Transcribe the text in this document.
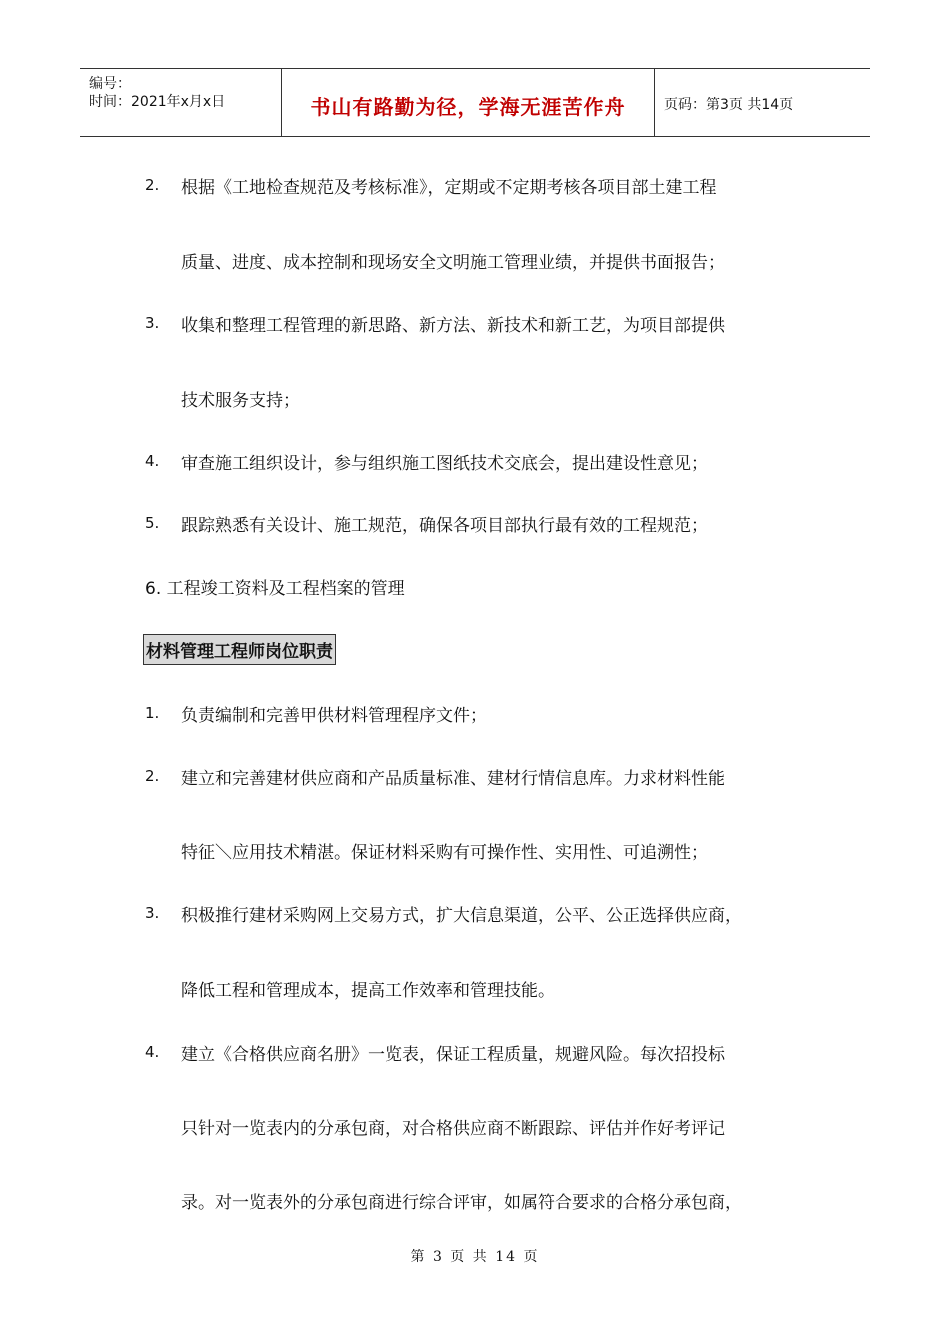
编号：
时间：2021年x月x日	书山有路勤为径，学海无涯苦作舟	页码：第3页 共14页
2. 根据《工地检查规范及考核标准》，定期或不定期考核各项目部土建工程
质量、进度、成本控制和现场安全文明施工管理业绩，并提供书面报告；
3. 收集和整理工程管理的新思路、新方法、新技术和新工艺，为项目部提供
技术服务支持；
4. 审查施工组织设计，参与组织施工图纸技术交底会，提出建设性意见；
5. 跟踪熟悉有关设计、施工规范，确保各项目部执行最有效的工程规范；
6. 工程竣工资料及工程档案的管理
材料管理工程师岗位职责
1. 负责编制和完善甲供材料管理程序文件；
2. 建立和完善建材供应商和产品质量标准、建材行情信息库。力求材料性能
特征＼应用技术精湛。保证材料采购有可操作性、实用性、可追溯性；
3. 积极推行建材采购网上交易方式，扩大信息渠道，公平、公正选择供应商，
降低工程和管理成本，提高工作效率和管理技能。
4. 建立《合格供应商名册》一览表，保证工程质量，规避风险。每次招投标
只针对一览表内的分承包商，对合格供应商不断跟踪、评估并作好考评记
录。对一览表外的分承包商进行综合评审，如属符合要求的合格分承包商，
第 3 页 共 14 页
